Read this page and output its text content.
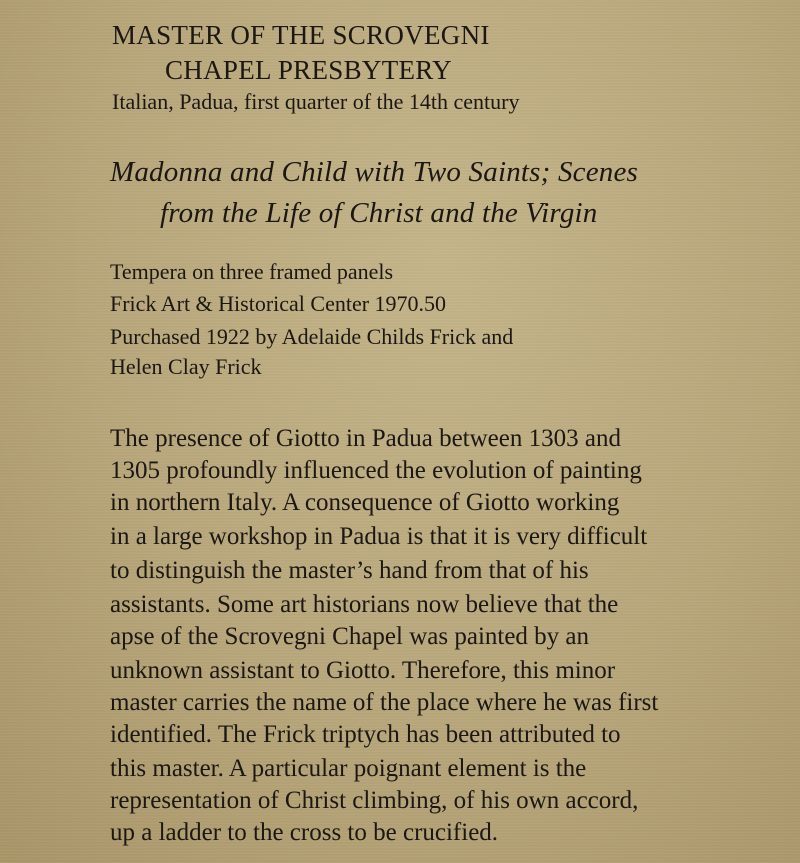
MASTER OF THE SCROVEGNI

CHAPEL PRESBYTERY

Italian, Padua, first quarter of the 14th century

Madonna and Child with Two Saints; Scenes

from the Life of Christ and the Virgin

Tempera on three framed panels

Frick Art & Historical Center 1970.50

Purchased 1922 by Adelaide Childs Frick and

Helen Clay Frick

The presence of Giotto in Padua between 1303 and

1305 profoundly influenced the evolution of painting

in northern Italy. A consequence of Giotto working

in a large workshop in Padua is that it is very difficult

to distinguish the master’s hand from that of his

assistants. Some art historians now believe that the

apse of the Scrovegni Chapel was painted by an

unknown assistant to Giotto. Therefore, this minor

master carries the name of the place where he was first

identified. The Frick triptych has been attributed to

this master. A particular poignant element is the

representation of Christ climbing, of his own accord,

up a ladder to the cross to be crucified.
